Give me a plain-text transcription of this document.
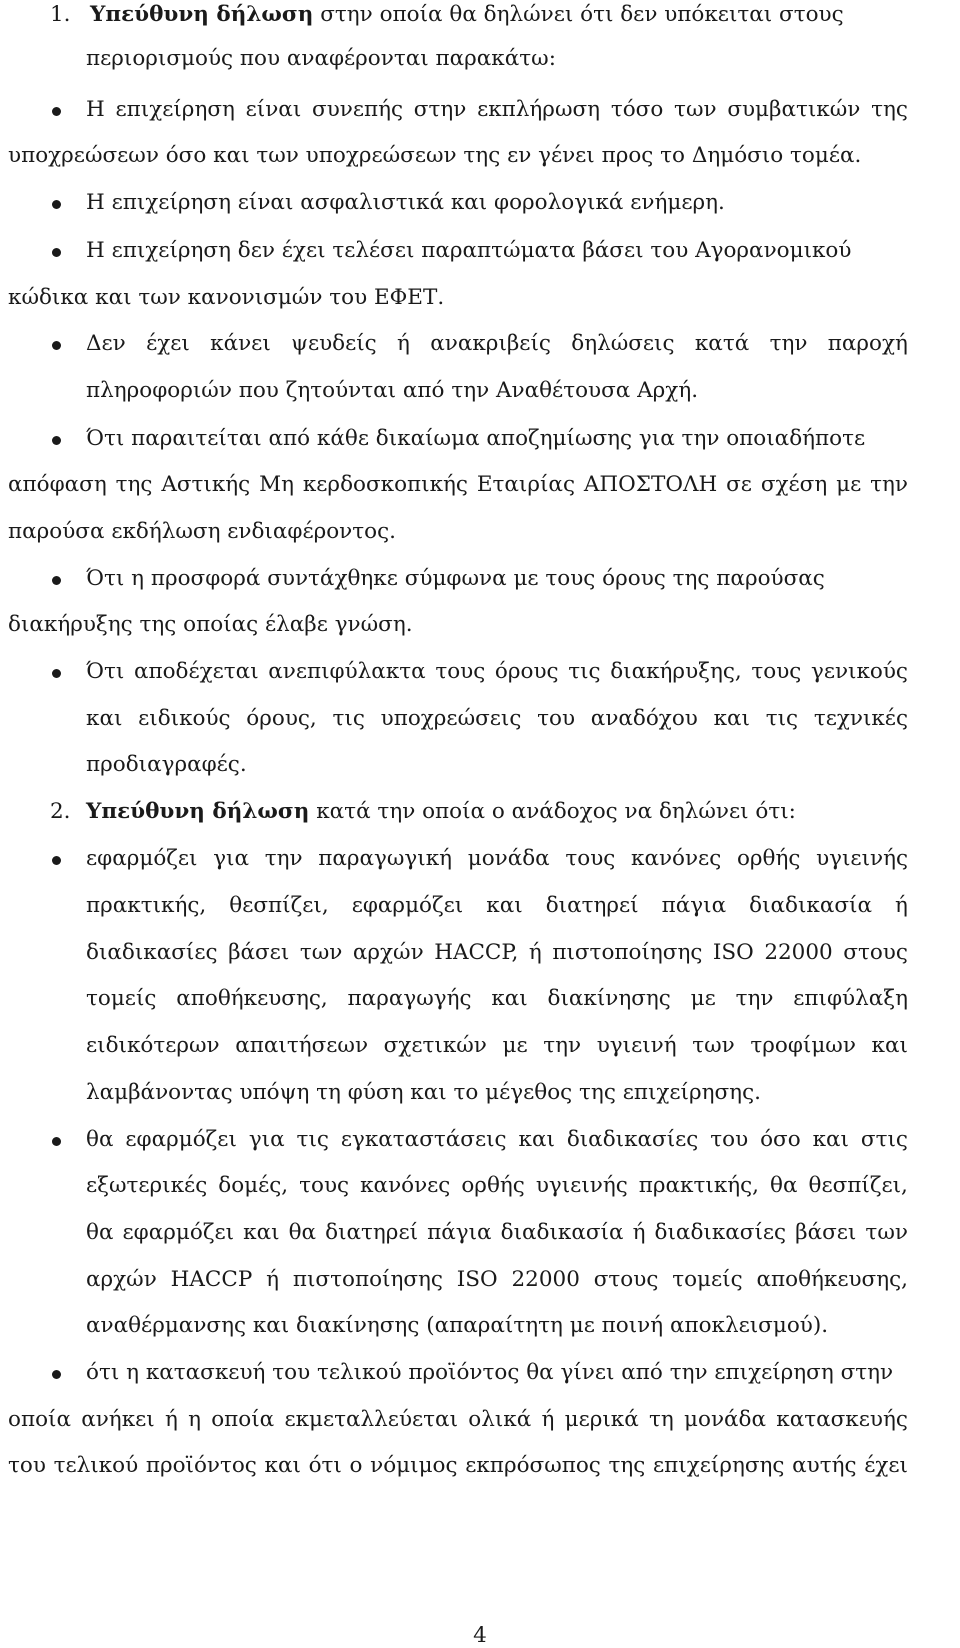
1. Υπεύθυνη δήλωση στην οποία θα δηλώνει ότι δεν υπόκειται στους
περιορισμούς που αναφέρονται παρακάτω:
Η επιχείρηση είναι συνεπής στην εκπλήρωση τόσο των συμβατικών της
υποχρεώσεων όσο και των υποχρεώσεων της εν γένει προς το Δημόσιο τομέα.
Η επιχείρηση είναι ασφαλιστικά και φορολογικά ενήμερη.
Η επιχείρηση δεν έχει τελέσει παραπτώματα βάσει του Αγορανομικού
κώδικα και των κανονισμών του ΕΦΕΤ.
Δεν έχει κάνει ψευδείς ή ανακριβείς δηλώσεις κατά την παροχή
πληροφοριών που ζητούνται από την Αναθέτουσα Αρχή.
Ότι παραιτείται από κάθε δικαίωμα αποζημίωσης για την οποιαδήποτε
απόφαση της Αστικής Μη κερδοσκοπικής Εταιρίας ΑΠΟΣΤΟΛΗ σε σχέση με την
παρούσα εκδήλωση ενδιαφέροντος.
Ότι η προσφορά συντάχθηκε σύμφωνα με τους όρους της παρούσας
διακήρυξης της οποίας έλαβε γνώση.
Ότι αποδέχεται ανεπιφύλακτα τους όρους τις διακήρυξης, τους γενικούς
και ειδικούς όρους, τις υποχρεώσεις του αναδόχου και τις τεχνικές
προδιαγραφές.
2. Υπεύθυνη δήλωση κατά την οποία ο ανάδοχος να δηλώνει ότι:
εφαρμόζει για την παραγωγική μονάδα τους κανόνες ορθής υγιεινής
πρακτικής, θεσπίζει, εφαρμόζει και διατηρεί πάγια διαδικασία ή
διαδικασίες βάσει των αρχών HACCP, ή πιστοποίησης ISO 22000 στους
τομείς αποθήκευσης, παραγωγής και διακίνησης με την επιφύλαξη
ειδικότερων απαιτήσεων σχετικών με την υγιεινή των τροφίμων και
λαμβάνοντας υπόψη τη φύση και το μέγεθος της επιχείρησης.
θα εφαρμόζει για τις εγκαταστάσεις και διαδικασίες του όσο και στις
εξωτερικές δομές, τους κανόνες ορθής υγιεινής πρακτικής, θα θεσπίζει,
θα εφαρμόζει και θα διατηρεί πάγια διαδικασία ή διαδικασίες βάσει των
αρχών HACCP ή πιστοποίησης ISO 22000 στους τομείς αποθήκευσης,
αναθέρμανσης και διακίνησης (απαραίτητη με ποινή αποκλεισμού).
ότι η κατασκευή του τελικού προϊόντος θα γίνει από την επιχείρηση στην
οποία ανήκει ή η οποία εκμεταλλεύεται ολικά ή μερικά τη μονάδα κατασκευής
του τελικού προϊόντος και ότι ο νόμιμος εκπρόσωπος της επιχείρησης αυτής έχει
4
